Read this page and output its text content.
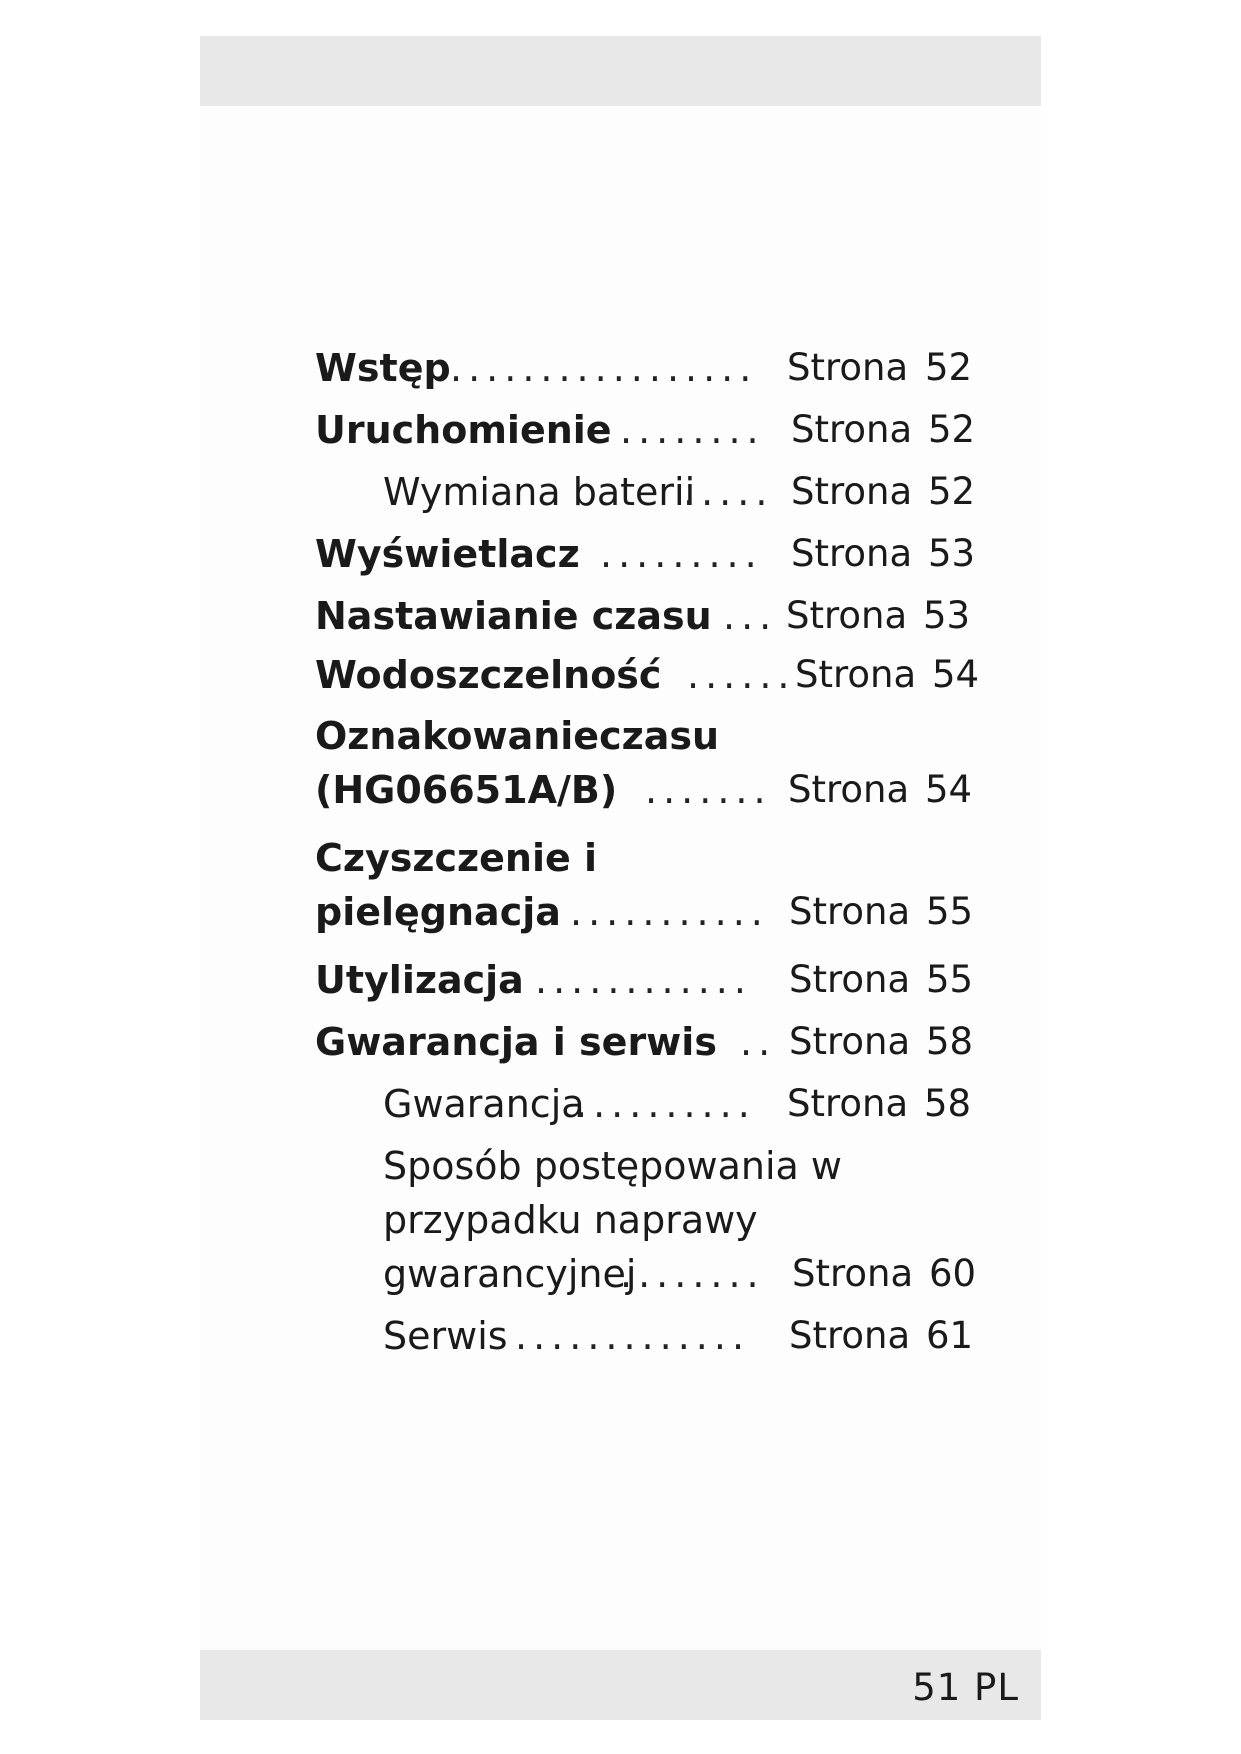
Wstęp ................. Strona 52
Uruchomienie ........ Strona 52
Wymiana baterii
..... Strona 52
Wyświetlacz ......... Strona 53
Nastawianie czasu ... Strona 53
Wodoszczelność ...... Strona 54
Oznakowanieczasu
(HG06651A/B) ....... Strona 54
Czyszczenie i
pielęgnacja ........... Strona 55
Utylizacja ............ Strona 55
Gwarancja i serwis .. Strona 58
Gwarancja
.......... Strona 58
Sposób postępowania w
przypadku naprawy
gwarancyjnej
........ Strona 60
Serwis ............. Strona 61
51 PL
